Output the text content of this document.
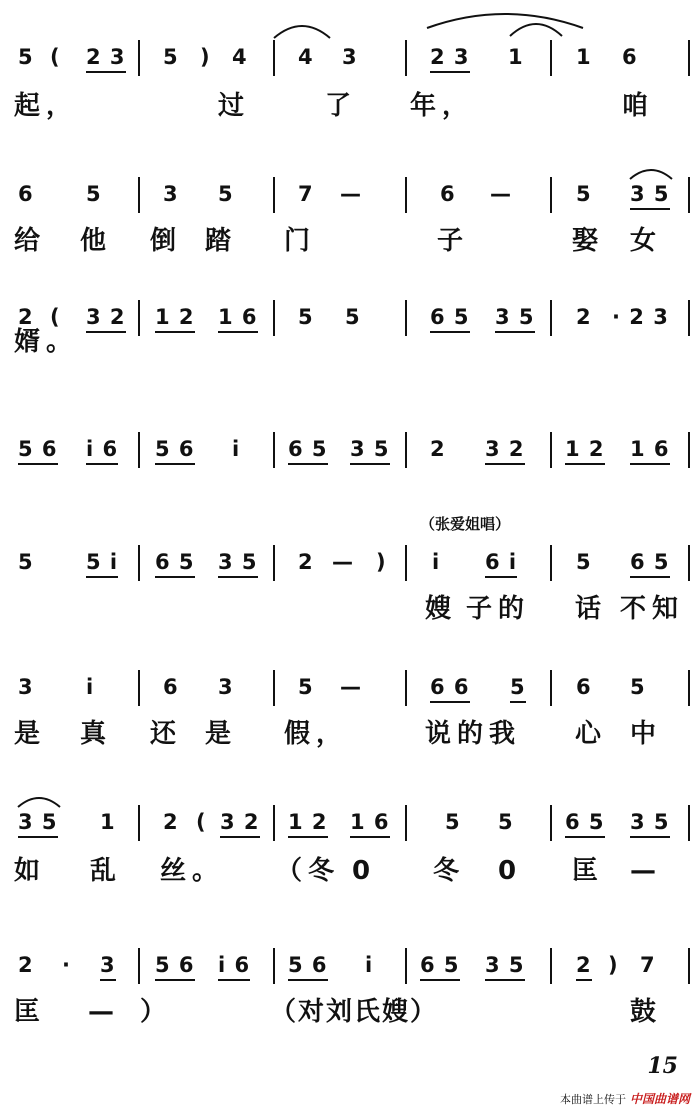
5 ( 2 3 5 ) 4 4 3	2 3 1 1 6
起，	过	了 年，	咱
6 5	3 5	7 —	6 —	5 3 5
给 他 倒 踏 门	子	娶 女
2 ( 3 2 1 2 1 6 5 5	6 5 3 5 2 · 2 3
婿。
5 6 i 6 5 6 i 6 5 3 5 2 3 2 1 2 1 6
（张爱姐唱）
5 5 i 6 5 3 5 2 — ) i 6 i	5 6 5
嫂 子的 话 不知
3 i	6 3	5 —	6 6 5 6 5
是 真 还 是 假，	说的我 心 中
3 5 1 2 ( 3 2 1 2 1 6	5 5 6 5 3 5
如 乱 丝。 （冬 0 冬 0 匡 —
2 · 3 5 6 i 6 5 6 i 6 5 3 5 2 ) 7
匡 — ）	（对刘氏嫂）	鼓
15
本曲谱上传于 中国曲谱网
